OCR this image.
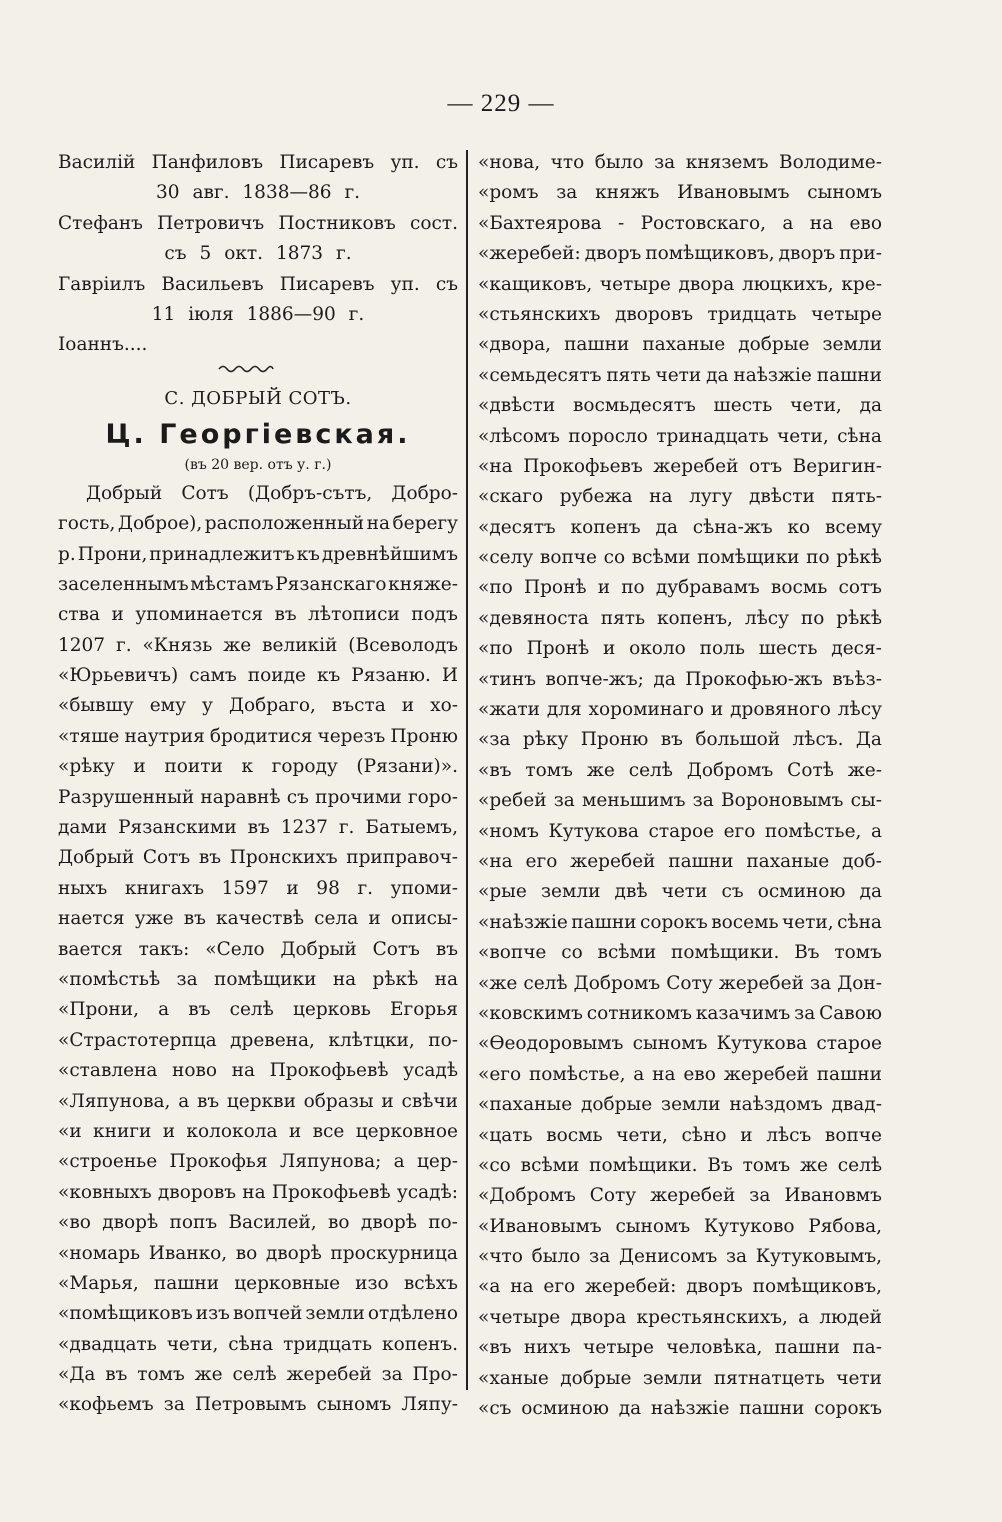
— 229 —
Василій Панфиловъ Писаревъ уп. съ
30 авг. 1838—86 г.
Стефанъ Петровичъ Постниковъ сост.
съ 5 окт. 1873 г.
Гавріилъ Васильевъ Писаревъ уп. съ
11 іюля 1886—90 г.
Іоаннъ....
С. ДОБРЫЙ СОТЪ.
Ц. Георгіевская.
(въ 20 вер. отъ у. г.)
Добрый Сотъ (Добръ-сътъ, Добро-
гость, Доброе), расположенный на берегу
р. Прони, принадлежитъ къ древнѣйшимъ
заселеннымъ мѣстамъ Рязанскаго княже-
ства и упоминается въ лѣтописи подъ
1207 г. «Князь же великій (Всеволодъ
«Юрьевичъ) самъ поиде къ Рязаню. И
«бывшу ему у Добраго, въста и хо-
«тяше наутрия бродитися черезъ Проню
«рѣку и поити к городу (Рязани)».
Разрушенный наравнѣ съ прочими горо-
дами Рязанскими въ 1237 г. Батыемъ,
Добрый Сотъ въ Пронскихъ приправоч-
ныхъ книгахъ 1597 и 98 г. упоми-
нается уже въ качествѣ села и описы-
вается такъ: «Село Добрый Сотъ въ
«помѣстьѣ за помѣщики на рѣкѣ на
«Прони, а въ селѣ церковь Егорья
«Страстотерпца древена, клѣтцки, по-
«ставлена ново на Прокофьевѣ усадѣ
«Ляпунова, а въ церкви образы и свѣчи
«и книги и колокола и все церковное
«строенье Прокофья Ляпунова; а цер-
«ковныхъ дворовъ на Прокофьевѣ усадѣ:
«во дворѣ попъ Василей, во дворѣ по-
«номарь Иванко, во дворѣ проскурница
«Марья, пашни церковные изо всѣхъ
«помѣщиковъ изъ вопчей земли отдѣлено
«двадцать чети, сѣна тридцать копенъ.
«Да въ томъ же селѣ жеребей за Про-
«кофьемъ за Петровымъ сыномъ Ляпу-
«нова, что было за княземъ Володиме-
«ромъ за княжъ Ивановымъ сыномъ
«Бахтеярова - Ростовскаго, а на ево
«жеребей: дворъ помѣщиковъ, дворъ при-
«кащиковъ, четыре двора люцкихъ, кре-
«стьянскихъ дворовъ тридцать четыре
«двора, пашни паханые добрые земли
«семьдесятъ пять чети да наѣзжіе пашни
«двѣсти восмьдесятъ шесть чети, да
«лѣсомъ поросло тринадцать чети, сѣна
«на Прокофьевъ жеребей отъ Веригин-
«скаго рубежа на лугу двѣсти пять-
«десятъ копенъ да сѣна-жъ ко всему
«селу вопче со всѣми помѣщики по рѣкѣ
«по Пронѣ и по дубравамъ восмь сотъ
«девяноста пять копенъ, лѣсу по рѣкѣ
«по Пронѣ и около поль шесть деся-
«тинъ вопче-жъ; да Прокофью-жъ въѣз-
«жати для хороминаго и дровяного лѣсу
«за рѣку Проню въ большой лѣсъ. Да
«въ томъ же селѣ Добромъ Сотѣ же-
«ребей за меньшимъ за Вороновымъ сы-
«номъ Кутукова старое его помѣстье, а
«на его жеребей пашни паханые доб-
«рые земли двѣ чети съ осминою да
«наѣзжіе пашни сорокъ восемь чети, сѣна
«вопче со всѣми помѣщики. Въ томъ
«же селѣ Добромъ Соту жеребей за Дон-
«ковскимъ сотникомъ казачимъ за Савою
«Ѳеодоровымъ сыномъ Кутукова старое
«его помѣстье, а на ево жеребей пашни
«паханые добрые земли наѣздомъ двад-
«цать восмь чети, сѣно и лѣсъ вопче
«со всѣми помѣщики. Въ томъ же селѣ
«Добромъ Соту жеребей за Ивановмъ
«Ивановымъ сыномъ Кутуково Рябова,
«что было за Денисомъ за Кутуковымъ,
«а на его жеребей: дворъ помѣщиковъ,
«четыре двора крестьянскихъ, а людей
«въ нихъ четыре человѣка, пашни па-
«ханые добрые земли пятнатцеть чети
«съ осминою да наѣзжіе пашни сорокъ
